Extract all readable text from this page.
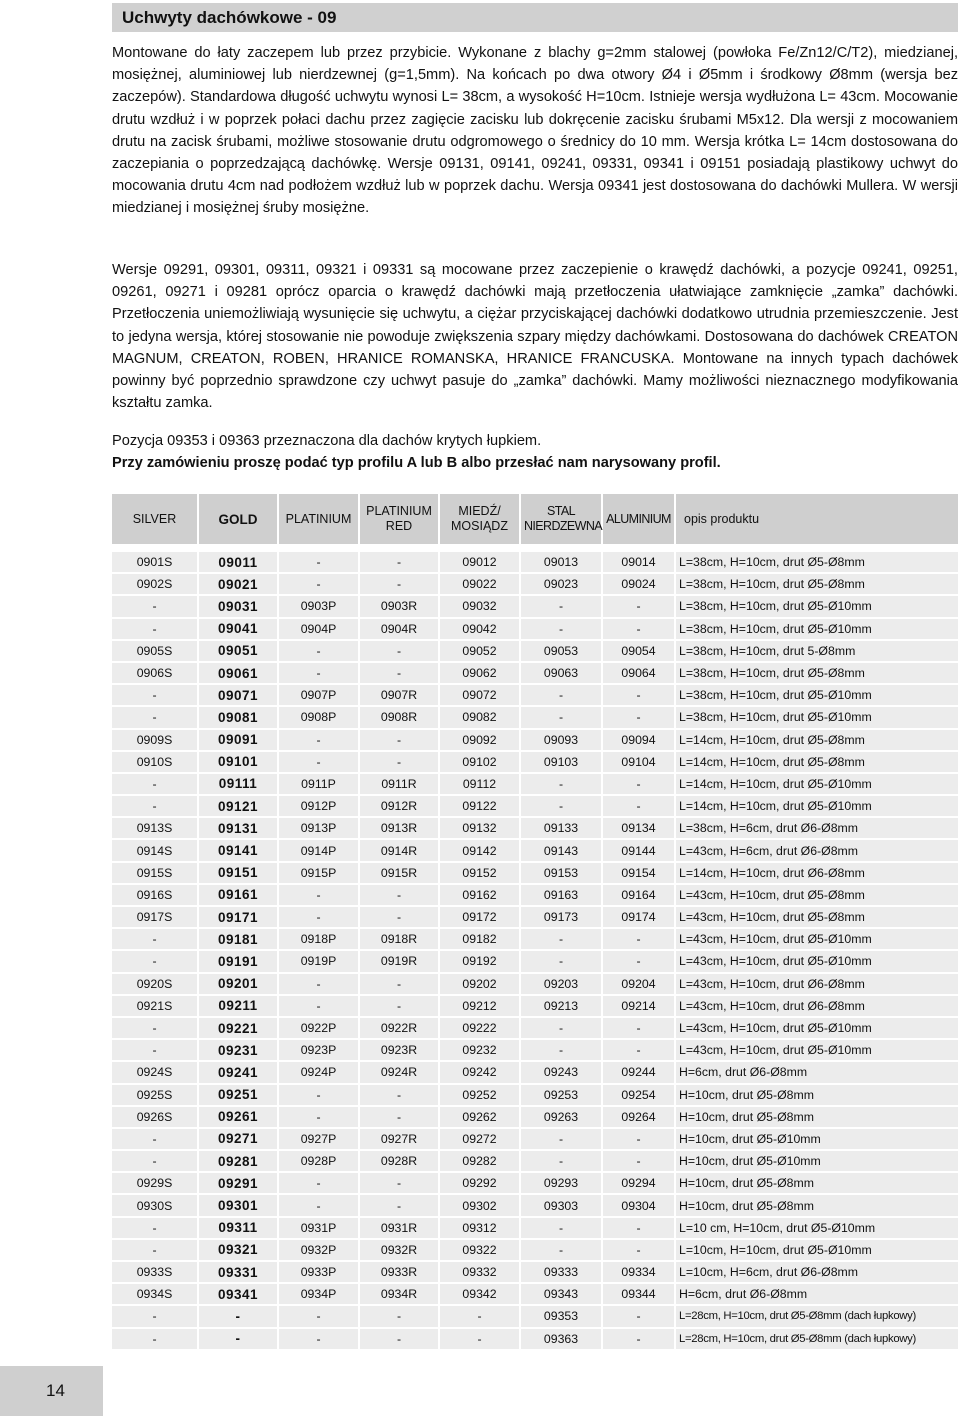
Uchwyty dachówkowe - 09
Montowane do łaty zaczepem lub przez przybicie. Wykonane z blachy g=2mm stalowej (powłoka Fe/Zn12/C/T2), miedzianej, mosiężnej, aluminiowej lub nierdzewnej (g=1,5mm). Na końcach po dwa otwory Ø4 i Ø5mm i środkowy Ø8mm (wersja bez zaczepów). Standardowa długość uchwytu wynosi L= 38cm, a wysokość H=10cm. Istnieje wersja wydłużona L= 43cm. Mocowanie drutu wzdłuż i w poprzek połaci dachu przez zagięcie zacisku lub dokręcenie zacisku śrubami M5x12. Dla wersji z mocowaniem drutu na zacisk śrubami, możliwe stosowanie drutu odgromowego o średnicy do 10 mm. Wersja krótka L= 14cm dostosowana do zaczepiania o poprzedzającą dachówkę. Wersje 09131, 09141, 09241, 09331, 09341 i 09151 posiadają plastikowy uchwyt do mocowania drutu 4cm nad podłożem wzdłuż lub w poprzek dachu. Wersja 09341 jest dostosowana do dachówki Mullera. W wersji miedzianej i mosiężnej śruby mosiężne.
Wersje 09291, 09301, 09311, 09321 i 09331 są mocowane przez zaczepienie o krawędź dachówki, a pozycje 09241, 09251, 09261, 09271 i 09281 oprócz oparcia o krawędź dachówki mają przetłoczenia ułatwiające zamknięcie „zamka” dachówki. Przetłoczenia uniemożliwiają wysunięcie się uchwytu, a ciężar przyciskającej dachówki dodatkowo utrudnia przemieszczenie. Jest to jedyna wersja, której stosowanie nie powoduje zwiększenia szpary między dachówkami. Dostosowana do dachówek CREATON MAGNUM, CREATON, ROBEN, HRANICE ROMANSKA, HRANICE FRANCUSKA. Montowane na innych typach dachówek powinny być poprzednio sprawdzone czy uchwyt pasuje do „zamka” dachówki. Mamy możliwości nieznacznego modyfikowania kształtu zamka.
Pozycja 09353 i 09363 przeznaczona dla dachów krytych łupkiem.
Przy zamówieniu proszę podać typ profilu A lub B albo przesłać nam narysowany profil.
SILVER	GOLD	PLATINIUM	PLATINIUM RED	MIEDŹ/ MOSIĄDZ	STAL NIERDZEWNA	ALUMINIUM	opis produktu

0901S	09011	-	-	09012	09013	09014	L=38cm, H=10cm, drut Ø5-Ø8mm
0902S	09021	-	-	09022	09023	09024	L=38cm, H=10cm, drut Ø5-Ø8mm
-	09031	0903P	0903R	09032	-	-	L=38cm, H=10cm, drut Ø5-Ø10mm
-	09041	0904P	0904R	09042	-	-	L=38cm, H=10cm, drut Ø5-Ø10mm
0905S	09051	-	-	09052	09053	09054	L=38cm, H=10cm, drut 5-Ø8mm
0906S	09061	-	-	09062	09063	09064	L=38cm, H=10cm, drut Ø5-Ø8mm
-	09071	0907P	0907R	09072	-	-	L=38cm, H=10cm, drut Ø5-Ø10mm
-	09081	0908P	0908R	09082	-	-	L=38cm, H=10cm, drut Ø5-Ø10mm
0909S	09091	-	-	09092	09093	09094	L=14cm, H=10cm, drut Ø5-Ø8mm
0910S	09101	-	-	09102	09103	09104	L=14cm, H=10cm, drut Ø5-Ø8mm
-	09111	0911P	0911R	09112	-	-	L=14cm, H=10cm, drut Ø5-Ø10mm
-	09121	0912P	0912R	09122	-	-	L=14cm, H=10cm, drut Ø5-Ø10mm
0913S	09131	0913P	0913R	09132	09133	09134	L=38cm, H=6cm, drut Ø6-Ø8mm
0914S	09141	0914P	0914R	09142	09143	09144	L=43cm, H=6cm, drut Ø6-Ø8mm
0915S	09151	0915P	0915R	09152	09153	09154	L=14cm, H=10cm, drut Ø6-Ø8mm
0916S	09161	-	-	09162	09163	09164	L=43cm, H=10cm, drut Ø5-Ø8mm
0917S	09171	-	-	09172	09173	09174	L=43cm, H=10cm, drut Ø5-Ø8mm
-	09181	0918P	0918R	09182	-	-	L=43cm, H=10cm, drut Ø5-Ø10mm
-	09191	0919P	0919R	09192	-	-	L=43cm, H=10cm, drut Ø5-Ø10mm
0920S	09201	-	-	09202	09203	09204	L=43cm, H=10cm, drut Ø6-Ø8mm
0921S	09211	-	-	09212	09213	09214	L=43cm, H=10cm, drut Ø6-Ø8mm
-	09221	0922P	0922R	09222	-	-	L=43cm, H=10cm, drut Ø5-Ø10mm
-	09231	0923P	0923R	09232	-	-	L=43cm, H=10cm, drut Ø5-Ø10mm
0924S	09241	0924P	0924R	09242	09243	09244	H=6cm, drut Ø6-Ø8mm
0925S	09251	-	-	09252	09253	09254	H=10cm, drut Ø5-Ø8mm
0926S	09261	-	-	09262	09263	09264	H=10cm, drut Ø5-Ø8mm
-	09271	0927P	0927R	09272	-	-	H=10cm, drut Ø5-Ø10mm
-	09281	0928P	0928R	09282	-	-	H=10cm, drut Ø5-Ø10mm
0929S	09291	-	-	09292	09293	09294	H=10cm, drut Ø5-Ø8mm
0930S	09301	-	-	09302	09303	09304	H=10cm, drut Ø5-Ø8mm
-	09311	0931P	0931R	09312	-	-	L=10 cm, H=10cm, drut Ø5-Ø10mm
-	09321	0932P	0932R	09322	-	-	L=10cm, H=10cm, drut Ø5-Ø10mm
0933S	09331	0933P	0933R	09332	09333	09334	L=10cm, H=6cm, drut Ø6-Ø8mm
0934S	09341	0934P	0934R	09342	09343	09344	H=6cm, drut Ø6-Ø8mm
-	-	-	-	-	09353	-	L=28cm, H=10cm, drut Ø5-Ø8mm (dach łupkowy)
-	-	-	-	-	09363	-	L=28cm, H=10cm, drut Ø5-Ø8mm (dach łupkowy)
14
